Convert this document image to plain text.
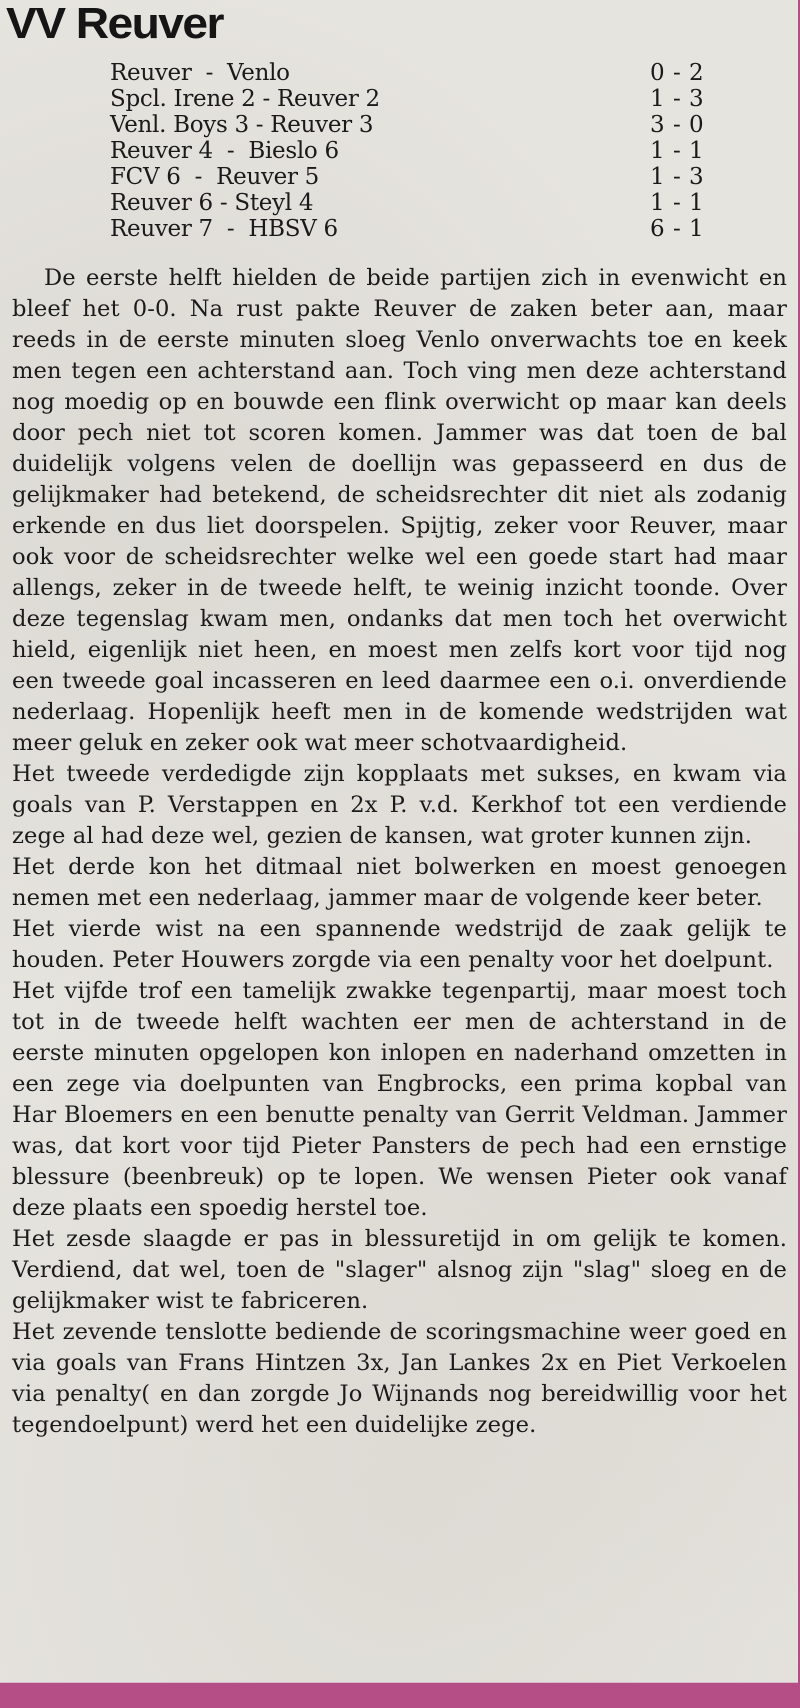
VV Reuver
Reuver  -  Venlo	0 - 2
Spcl. Irene 2 - Reuver 2	1 - 3
Venl. Boys 3 - Reuver 3	3 - 0
Reuver 4  -  Bieslo 6	1 - 1
FCV 6  -  Reuver 5	1 - 3
Reuver 6 - Steyl 4	1 - 1
Reuver 7  -  HBSV 6	6 - 1

De eerste helft hielden de beide partijen zich in evenwicht en bleef het 0-0. Na rust pakte Reuver de zaken beter aan, maar reeds in de eerste minuten sloeg Venlo onverwachts toe en keek men tegen een achterstand aan. Toch ving men deze achterstand nog moedig op en bouwde een flink overwicht op maar kan deels door pech niet tot scoren komen. Jammer was dat toen de bal duidelijk volgens velen de doellijn was gepasseerd en dus de gelijkmaker had betekend, de scheidsrechter dit niet als zodanig erkende en dus liet doorspelen. Spijtig, zeker voor Reuver, maar ook voor de scheidsrechter welke wel een goede start had maar allengs, zeker in de tweede helft, te weinig inzicht toonde. Over deze tegenslag kwam men, ondanks dat men toch het overwicht hield, eigenlijk niet heen, en moest men zelfs kort voor tijd nog een tweede goal incasseren en leed daarmee een o.i. onverdiende nederlaag. Hopenlijk heeft men in de komende wedstrijden wat meer geluk en zeker ook wat meer schotvaardigheid.

Het tweede verdedigde zijn kopplaats met sukses, en kwam via goals van P. Verstappen en 2x P. v.d. Kerkhof tot een verdiende zege al had deze wel, gezien de kansen, wat groter kunnen zijn.

Het derde kon het ditmaal niet bolwerken en moest genoegen nemen met een nederlaag, jammer maar de volgende keer beter.

Het vierde wist na een spannende wedstrijd de zaak gelijk te houden. Peter Houwers zorgde via een penalty voor het doelpunt.

Het vijfde trof een tamelijk zwakke tegenpartij, maar moest toch tot in de tweede helft wachten eer men de achterstand in de eerste minuten opgelopen kon inlopen en naderhand omzetten in een zege via doelpunten van Engbrocks, een prima kopbal van Har Bloemers en een benutte penalty van Gerrit Veldman. Jammer was, dat kort voor tijd Pieter Pansters de pech had een ernstige blessure (beenbreuk) op te lopen. We wensen Pieter ook vanaf deze plaats een spoedig herstel toe.

Het zesde slaagde er pas in blessuretijd in om gelijk te komen. Verdiend, dat wel, toen de "slager" alsnog zijn "slag" sloeg en de gelijkmaker wist te fabriceren.

Het zevende tenslotte bediende de scoringsmachine weer goed en via goals van Frans Hintzen 3x, Jan Lankes 2x en Piet Verkoelen via penalty( en dan zorgde Jo Wijnands nog bereidwillig voor het tegendoelpunt) werd het een duidelijke zege.
